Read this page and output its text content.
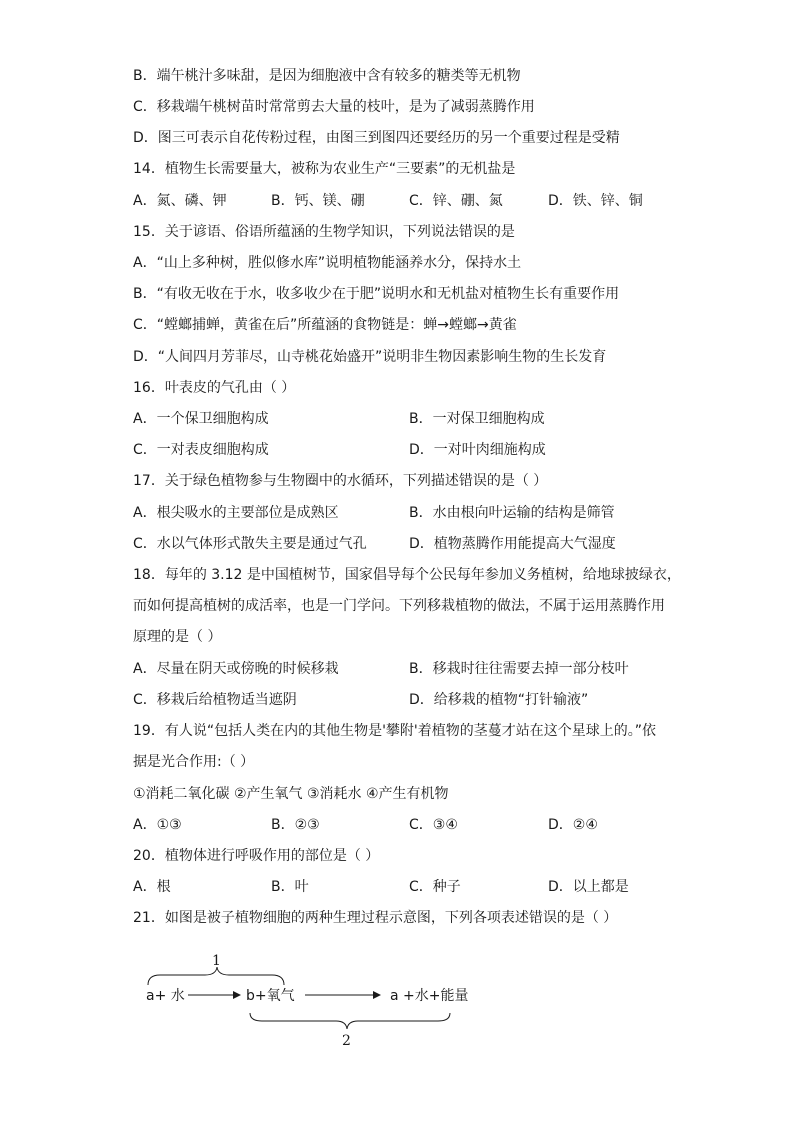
B．端午桃汁多味甜，是因为细胞液中含有较多的糖类等无机物
C．移栽端午桃树苗时常常剪去大量的枝叶，是为了减弱蒸腾作用
D．图三可表示自花传粉过程，由图三到图四还要经历的另一个重要过程是受精
14．植物生长需要量大，被称为农业生产“三要素”的无机盐是
A．氮、磷、钾	B．钙、镁、硼	C．锌、硼、氮	D．铁、锌、铜
15．关于谚语、俗语所蕴涵的生物学知识，下列说法错误的是
A．“山上多种树，胜似修水库”说明植物能涵养水分，保持水土
B．“有收无收在于水，收多收少在于肥”说明水和无机盐对植物生长有重要作用
C．“螳螂捕蝉，黄雀在后”所蕴涵的食物链是：蝉→螳螂→黄雀
D．“人间四月芳菲尽，山寺桃花始盛开”说明非生物因素影响生物的生长发育
16．叶表皮的气孔由（ ）
A．一个保卫细胞构成	B．一对保卫细胞构成
C．一对表皮细胞构成	D．一对叶肉细施构成
17．关于绿色植物参与生物圈中的水循环，下列描述错误的是（ ）
A．根尖吸水的主要部位是成熟区	B．水由根向叶运输的结构是筛管
C．水以气体形式散失主要是通过气孔	D．植物蒸腾作用能提高大气湿度
18．每年的 3.12 是中国植树节，国家倡导每个公民每年参加义务植树，给地球披绿衣，
而如何提高植树的成活率，也是一门学问。下列移栽植物的做法，不属于运用蒸腾作用
原理的是（ ）
A．尽量在阴天或傍晚的时候移栽	B．移栽时往往需要去掉一部分枝叶
C．移栽后给植物适当遮阴	D．给移栽的植物“打针输液”
19．有人说“包括人类在内的其他生物是'攀附'着植物的茎蔓才站在这个星球上的。”依
据是光合作用:（ ）
①消耗二氧化碳 ②产生氧气 ③消耗水 ④产生有机物
A．①③	B．②③	C．③④	D．②④
20．植物体进行呼吸作用的部位是（ ）
A．根	B．叶	C．种子	D．以上都是
21．如图是被子植物细胞的两种生理过程示意图，下列各项表述错误的是（ ）
1
a+ 水	b+氧气	a +水+能量
2
